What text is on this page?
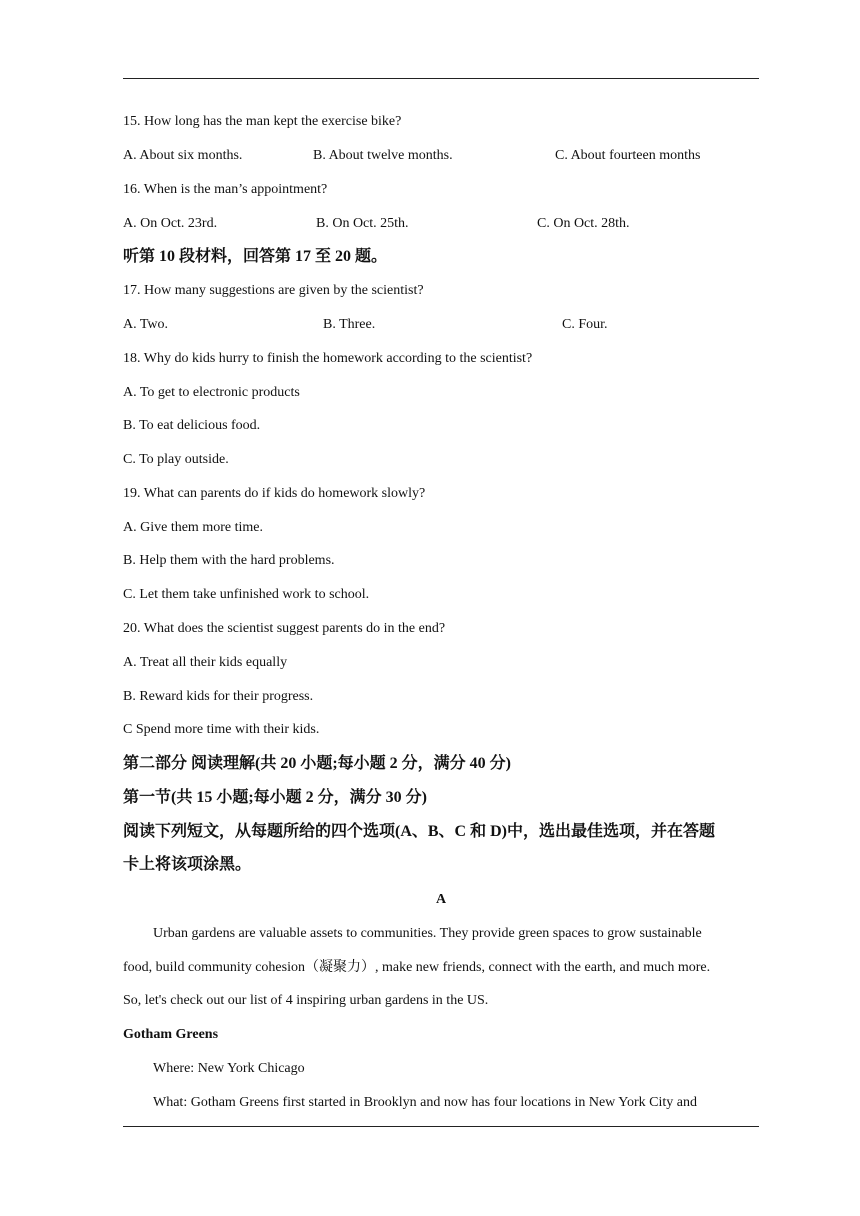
15. How long has the man kept the exercise bike?
A. About six months.	B. About twelve months.	C. About fourteen months
16. When is the man’s appointment?
A. On Oct. 23rd.	B. On Oct. 25th.	C. On Oct. 28th.
听第 10 段材料，回答第 17 至 20 题。
17. How many suggestions are given by the scientist?
A. Two.	B. Three.	C. Four.
18. Why do kids hurry to finish the homework according to the scientist?
A. To get to electronic products
B. To eat delicious food.
C. To play outside.
19. What can parents do if kids do homework slowly?
A. Give them more time.
B. Help them with the hard problems.
C. Let them take unfinished work to school.
20. What does the scientist suggest parents do in the end?
A. Treat all their kids equally
B. Reward kids for their progress.
C Spend more time with their kids.
第二部分 阅读理解(共 20 小题;每小题 2 分，满分 40 分)
第一节(共 15 小题;每小题 2 分，满分 30 分)
阅读下列短文，从每题所给的四个选项(A、B、C 和 D)中，选出最佳选项，并在答题
卡上将该项涂黑。
A
Urban gardens are valuable assets to communities. They provide green spaces to grow sustainable
food, build community cohesion（凝聚力）, make new friends, connect with the earth, and much more.
So, let's check out our list of 4 inspiring urban gardens in the US.
Gotham Greens
Where: New York Chicago
What: Gotham Greens first started in Brooklyn and now has four locations in New York City and
